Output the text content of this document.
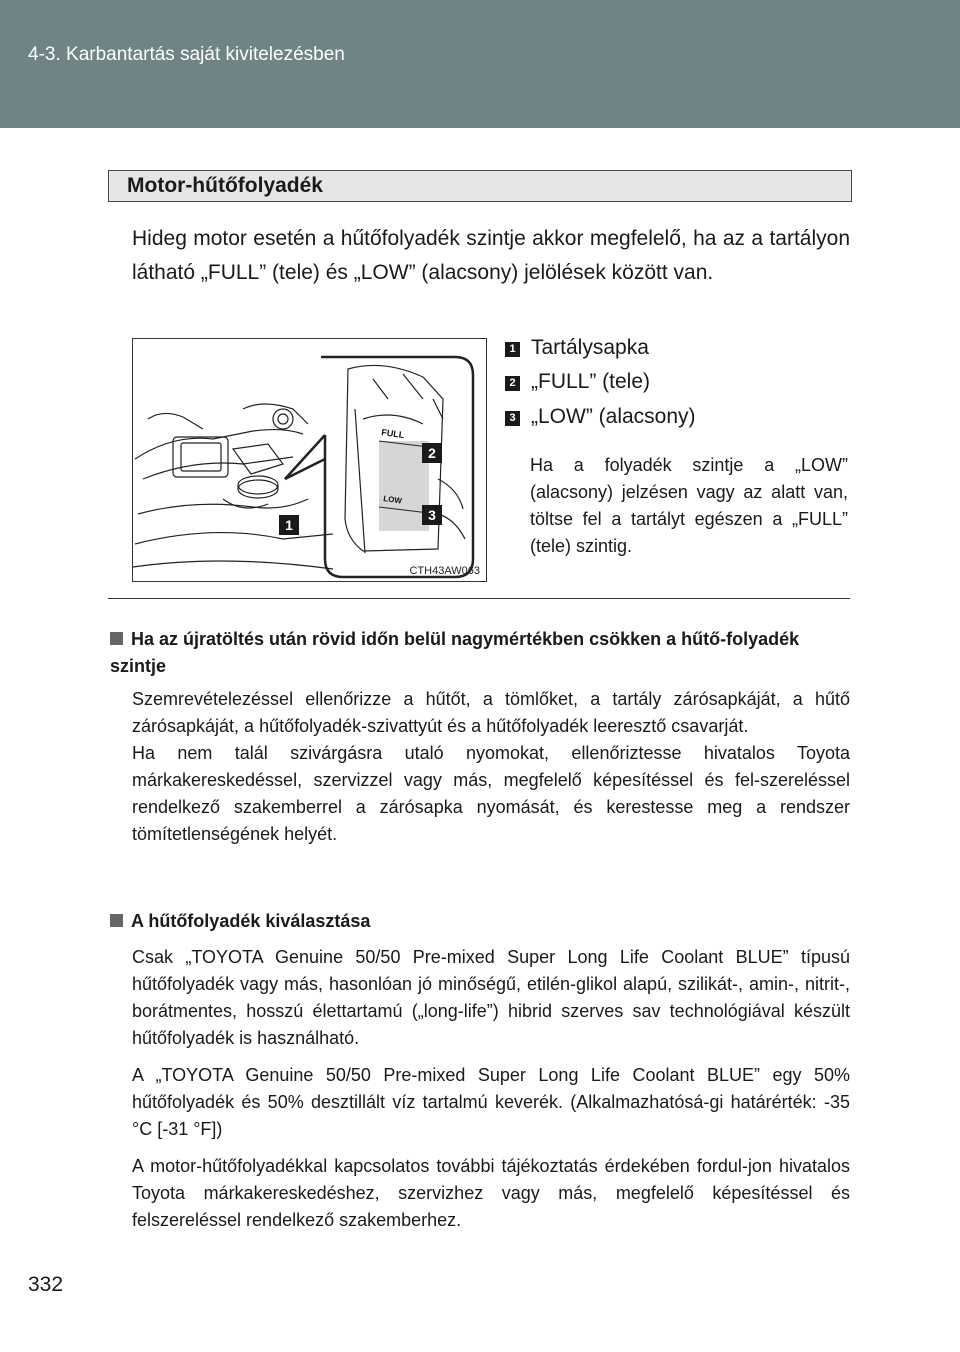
4-3. Karbantartás saját kivitelezésben
Motor-hűtőfolyadék
Hideg motor esetén a hűtőfolyadék szintje akkor megfelelő, ha az a tartályon látható „FULL” (tele) és „LOW” (alacsony) jelölések között van.
FULL
LOW
1
2
3
CTH43AW063
1 Tartálysapka
2 „FULL” (tele)
3 „LOW” (alacsony)
Ha a folyadék szintje a „LOW” (alacsony) jelzésen vagy az alatt van, töltse fel a tartályt egészen a „FULL” (tele) szintig.
Ha az újratöltés után rövid időn belül nagymértékben csökken a hűtő-folyadék szintje
Szemrevételezéssel ellenőrizze a hűtőt, a tömlőket, a tartály zárósapkáját, a hűtő zárósapkáját, a hűtőfolyadék-szivattyút és a hűtőfolyadék leeresztő csavarját.
Ha nem talál szivárgásra utaló nyomokat, ellenőriztesse hivatalos Toyota márkakereskedéssel, szervizzel vagy más, megfelelő képesítéssel és fel-szereléssel rendelkező szakemberrel a zárósapka nyomását, és kerestesse meg a rendszer tömítetlenségének helyét.
A hűtőfolyadék kiválasztása
Csak „TOYOTA Genuine 50/50 Pre-mixed Super Long Life Coolant BLUE” típusú hűtőfolyadék vagy más, hasonlóan jó minőségű, etilén-glikol alapú, szilikát-, amin-, nitrit-, borátmentes, hosszú élettartamú („long-life”) hibrid szerves sav technológiával készült hűtőfolyadék is használható.
A „TOYOTA Genuine 50/50 Pre-mixed Super Long Life Coolant BLUE” egy 50% hűtőfolyadék és 50% desztillált víz tartalmú keverék. (Alkalmazhatósá-gi határérték: -35 °C [-31 °F])
A motor-hűtőfolyadékkal kapcsolatos további tájékoztatás érdekében fordul-jon hivatalos Toyota márkakereskedéshez, szervizhez vagy más, megfelelő képesítéssel és felszereléssel rendelkező szakemberhez.
332
